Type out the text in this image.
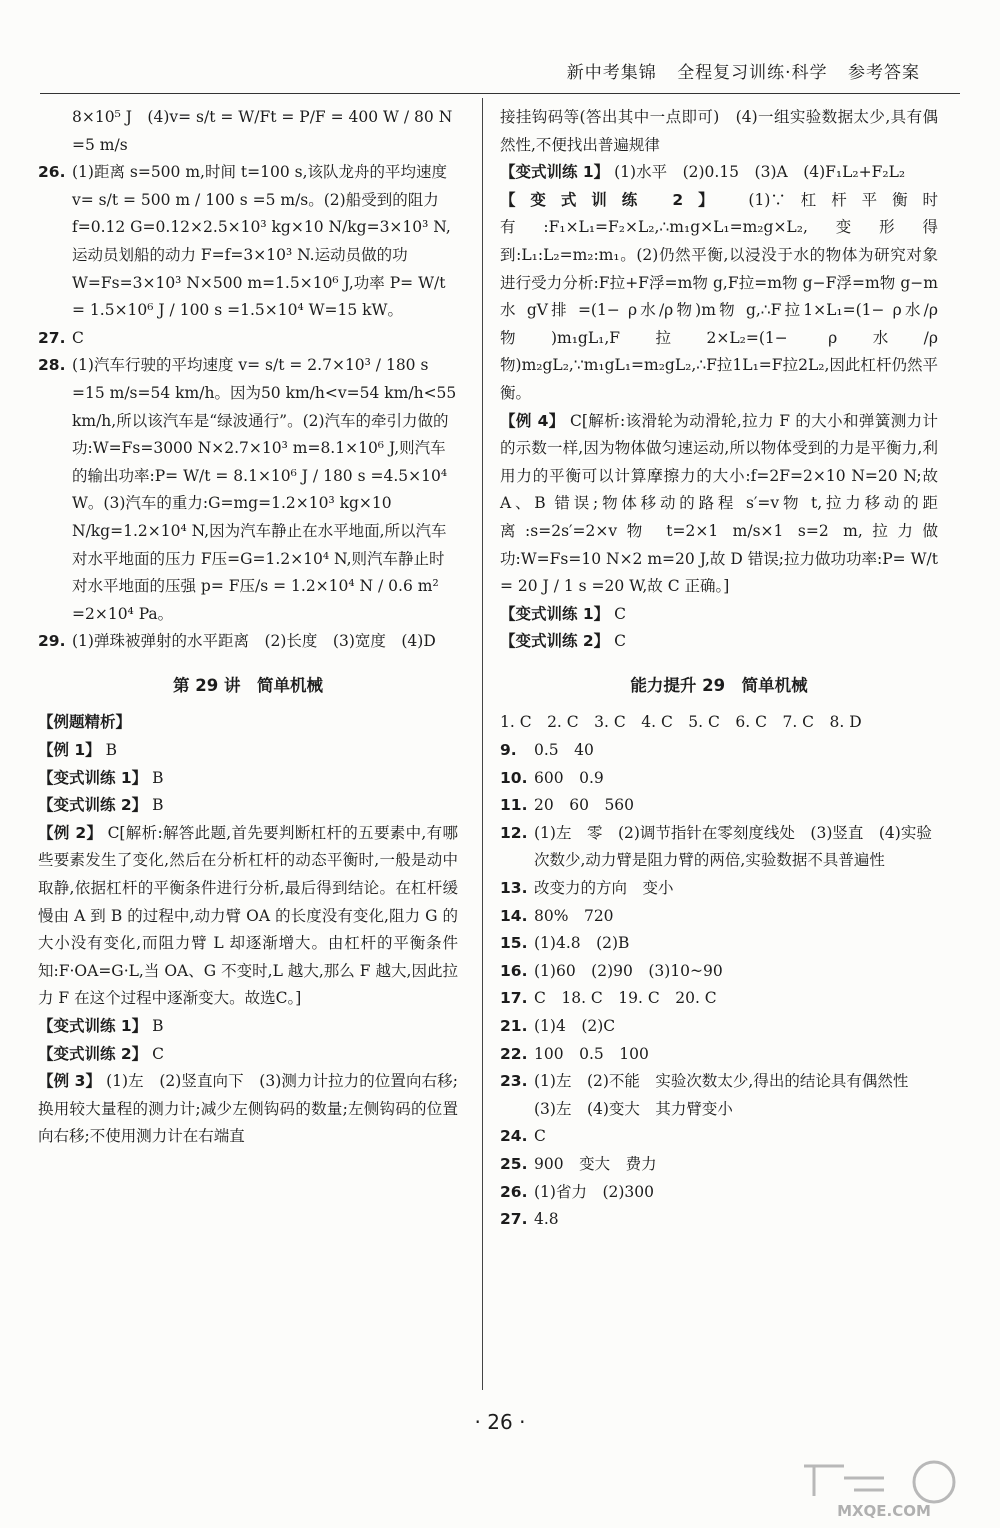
新中考集锦 全程复习训练·科学 参考答案
8×10⁵ J　(4)v= s/t = W/Ft = P/F = 400 W / 80 N =5 m/s
26. (1)距离 s=500 m,时间 t=100 s,该队龙舟的平均速度 v= s/t = 500 m / 100 s =5 m/s。(2)船受到的阻力 f=0.12 G=0.12×2.5×10³ kg×10 N/kg=3×10³ N,运动员划船的动力 F=f=3×10³ N.运动员做的功 W=Fs=3×10³ N×500 m=1.5×10⁶ J,功率 P= W/t = 1.5×10⁶ J / 100 s =1.5×10⁴ W=15 kW。
27. C
28. (1)汽车行驶的平均速度 v= s/t = 2.7×10³ / 180 s =15 m/s=54 km/h。因为50 km/h<v=54 km/h<55 km/h,所以该汽车是“绿波通行”。(2)汽车的牵引力做的功:W=Fs=3000 N×2.7×10³ m=8.1×10⁶ J,则汽车的输出功率:P= W/t = 8.1×10⁶ J / 180 s =4.5×10⁴ W。(3)汽车的重力:G=mg=1.2×10³ kg×10 N/kg=1.2×10⁴ N,因为汽车静止在水平地面,所以汽车对水平地面的压力 F压=G=1.2×10⁴ N,则汽车静止时对水平地面的压强 p= F压/s = 1.2×10⁴ N / 0.6 m² =2×10⁴ Pa。
29. (1)弹珠被弹射的水平距离　(2)长度　(3)宽度　(4)D
第 29 讲　简单机械
【例题精析】
【例 1】 B
【变式训练 1】 B
【变式训练 2】 B
【例 2】 C[解析:解答此题,首先要判断杠杆的五要素中,有哪些要素发生了变化,然后在分析杠杆的动态平衡时,一般是动中取静,依据杠杆的平衡条件进行分析,最后得到结论。在杠杆缓慢由 A 到 B 的过程中,动力臂 OA 的长度没有变化,阻力 G 的大小没有变化,而阻力臂 L 却逐渐增大。由杠杆的平衡条件知:F·OA=G·L,当 OA、G 不变时,L 越大,那么 F 越大,因此拉力 F 在这个过程中逐渐变大。故选C。]
【变式训练 1】 B
【变式训练 2】 C
【例 3】 (1)左　(2)竖直向下　(3)测力计拉力的位置向右移;换用较大量程的测力计;减少左侧钩码的数量;左侧钩码的位置向右移;不使用测力计在右端直
接挂钩码等(答出其中一点即可)　(4)一组实验数据太少,具有偶然性,不便找出普遍规律
【变式训练 1】 (1)水平　(2)0.15　(3)A　(4)F₁L₂+F₂L₂
【变式训练 2】 (1)∵杠杆平衡时有:F₁×L₁=F₂×L₂,∴m₁g×L₁=m₂g×L₂,变形得到:L₁:L₂=m₂:m₁。(2)仍然平衡,以浸没于水的物体为研究对象进行受力分析:F拉+F浮=m物 g,F拉=m物 g−F浮=m物 g−m水 gV排 =(1− ρ水/ρ物)m物 g,∴F拉1×L₁=(1− ρ水/ρ物)m₁gL₁,F拉2×L₂=(1− ρ水/ρ物)m₂gL₂,∵m₁gL₁=m₂gL₂,∴F拉1L₁=F拉2L₂,因此杠杆仍然平衡。
【例 4】 C[解析:该滑轮为动滑轮,拉力 F 的大小和弹簧测力计的示数一样,因为物体做匀速运动,所以物体受到的力是平衡力,利用力的平衡可以计算摩擦力的大小:f=2F=2×10 N=20 N;故 A、B 错误;物体移动的路程 s′=v物 t,拉力移动的距离:s=2s′=2×v物 t=2×1 m/s×1 s=2 m,拉力做功:W=Fs=10 N×2 m=20 J,故 D 错误;拉力做功功率:P= W/t = 20 J / 1 s =20 W,故 C 正确。]
【变式训练 1】 C
【变式训练 2】 C
能力提升 29　简单机械
1. C　2. C　3. C　4. C　5. C　6. C　7. C　8. D
9. 0.5　40
10. 600　0.9
11. 20　60　560
12. (1)左　零　(2)调节指针在零刻度线处　(3)竖直　(4)实验次数少,动力臂是阻力臂的两倍,实验数据不具普遍性
13. 改变力的方向　变小
14. 80%　720
15. (1)4.8　(2)B
16. (1)60　(2)90　(3)10~90
17. C　18. C　19. C　20. C
21. (1)4　(2)C
22. 100　0.5　100
23. (1)左　(2)不能　实验次数太少,得出的结论具有偶然性　(3)左　(4)变大　其力臂变小
24. C
25. 900　变大　费力
26. (1)省力　(2)300
27. 4.8
· 26 ·
MXQE.COM
